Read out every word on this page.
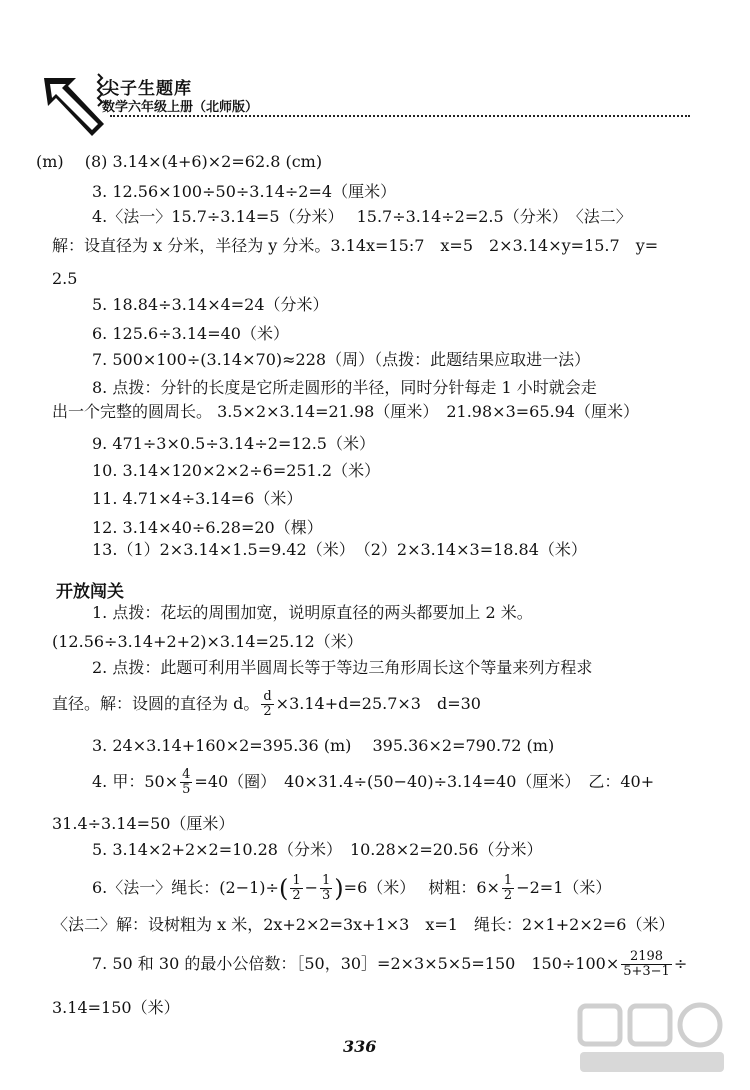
尖子生题库
数学六年级上册（北师版）
(m)　 (8) 3.14×(4+6)×2=62.8 (cm)
3. 12.56×100÷50÷3.14÷2=4（厘米）
4.〈法一〉15.7÷3.14=5（分米）　 15.7÷3.14÷2=2.5（分米）　〈法二〉
解：设直径为 x 分米，半径为 y 分米。3.14x=15:7　x=5　2×3.14×y=15.7　y=
2.5
5. 18.84÷3.14×4=24（分米）
6. 125.6÷3.14=40（米）
7. 500×100÷(3.14×70)≈228（周）（点拨：此题结果应取进一法）
8. 点拨：分针的长度是它所走圆形的半径，同时分针每走 1 小时就会走
出一个完整的圆周长。 3.5×2×3.14=21.98（厘米）　21.98×3=65.94（厘米）
9. 471÷3×0.5÷3.14÷2=12.5（米）
10. 3.14×120×2×2÷6=251.2（米）
11. 4.71×4÷3.14=6（米）
12. 3.14×40÷6.28=20（棵）
13.（1）2×3.14×1.5=9.42（米）　（2）2×3.14×3=18.84（米）
开放闯关
1. 点拨：花坛的周围加宽，说明原直径的两头都要加上 2 米。
(12.56÷3.14+2+2)×3.14=25.12（米）
2. 点拨：此题可利用半圆周长等于等边三角形周长这个等量来列方程求
直径。解：设圆的直径为 d。 $\frac{d}{2} \times 3.14+d=25.7\times 3$　d=30
3. 24×3.14+160×2=395.36 (m)　 395.36×2=790.72 (m)
4. 甲：$50\times \frac{4}{5} =40$（圈）　40×31.4÷(50−40)÷3.14=40（厘米）　乙：40+
31.4÷3.14=50（厘米）
5. 3.14×2+2×2=10.28（分米）　10.28×2=20.56（分米）
6.〈法一〉绳长：$(2-1)\div( \frac{1}{2} - \frac{1}{3} )=6$（米）　 树粗：$6\times \frac{1}{2} -2=1$（米）
〈法二〉解：设树粗为 x 米，2x+2×2=3x+1×3　x=1　绳长：2×1+2×2=6（米）
7. 50 和 30 的最小公倍数：［50，30］=2×3×5×5=150　$150\div 100\times \frac{2198}{5+3-1}$ ÷
3.14=150（米）
336
